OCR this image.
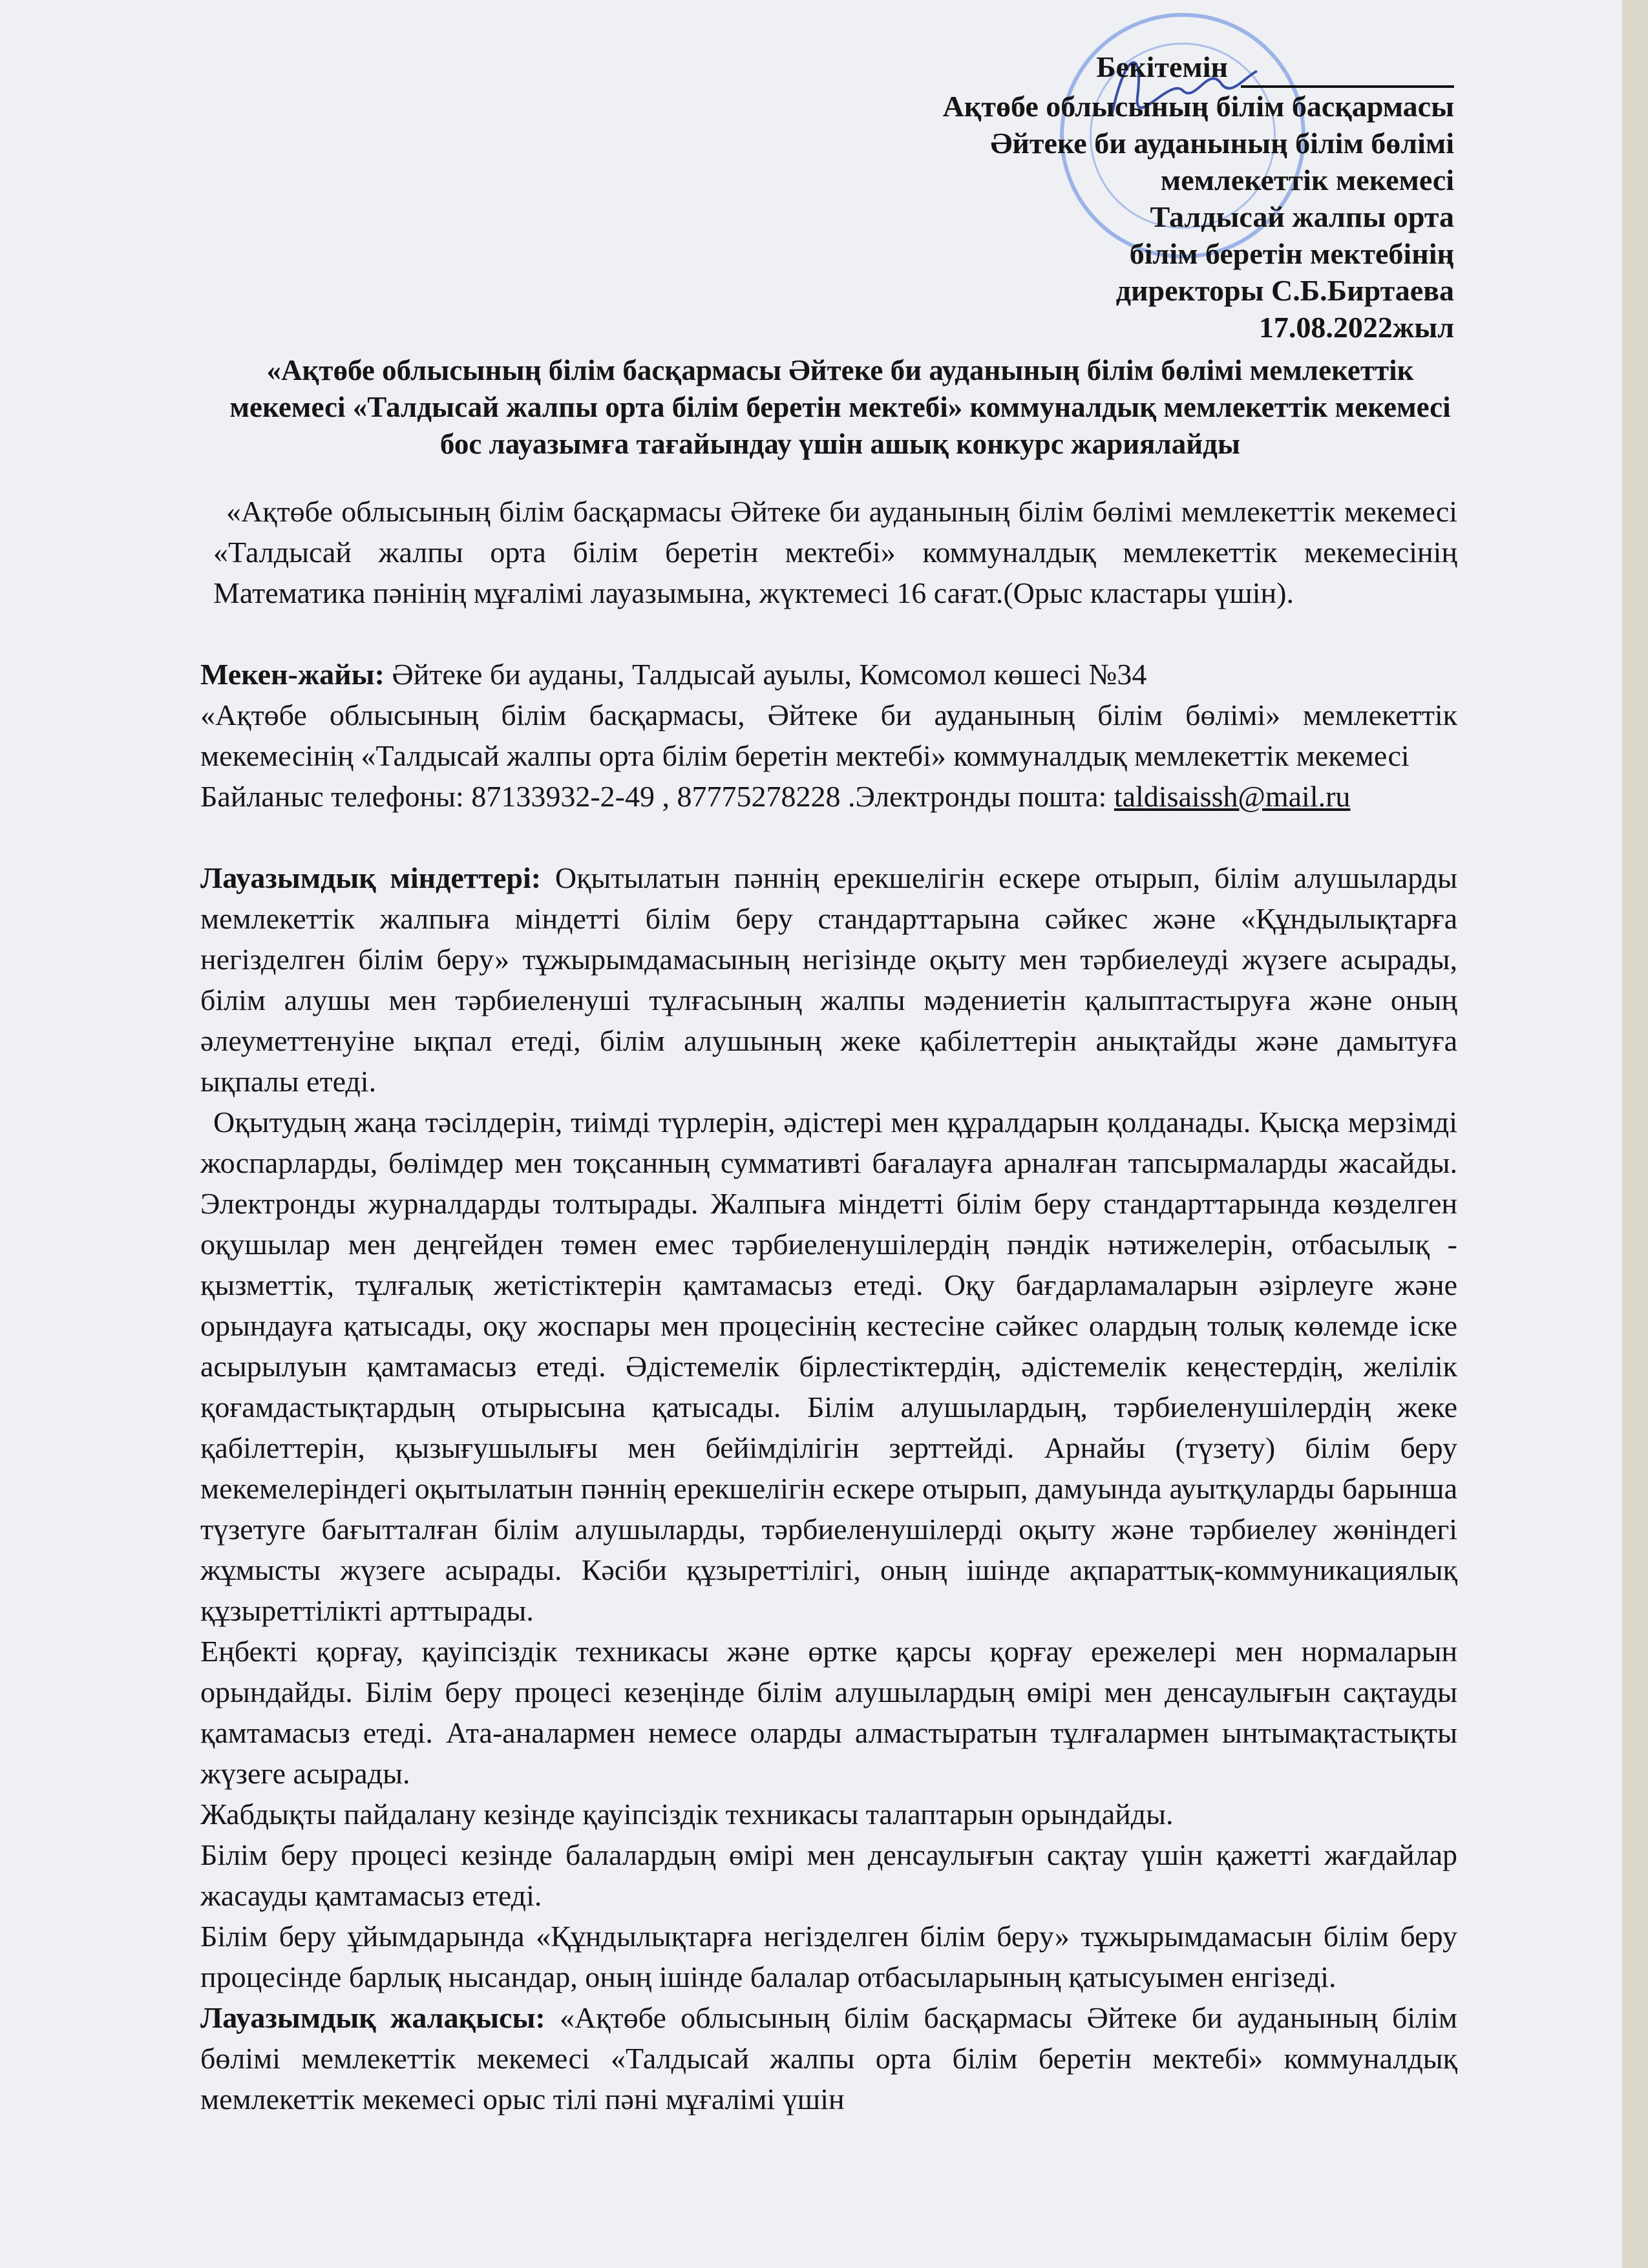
Бекітемін
Ақтөбе облысының білім басқармасы
Әйтеке би ауданының білім бөлімі
мемлекеттік мекемесі
Талдысай жалпы орта
білім беретін мектебінің
директоры С.Б.Биртаева
17.08.2022жыл
«Ақтөбе облысының білім басқармасы Әйтеке би ауданының білім бөлімі мемлекеттік мекемесі «Талдысай жалпы орта білім беретін мектебі» коммуналдық мемлекеттік мекемесі бос лауазымға тағайындау үшін ашық конкурс жариялайды

«Ақтөбе облысының білім басқармасы Әйтеке би ауданының білім бөлімі мемлекеттік мекемесі «Талдысай жалпы орта білім беретін мектебі» коммуналдық мемлекеттік мекемесінің Математика пәнінің мұғалімі лауазымына, жүктемесі 16 сағат.(Орыс кластары үшін).

Мекен-жайы: Әйтеке би ауданы, Талдысай ауылы, Комсомол көшесі №34

«Ақтөбе облысының білім басқармасы, Әйтеке би ауданының білім бөлімі» мемлекеттік мекемесінің «Талдысай жалпы орта білім беретін мектебі» коммуналдық мемлекеттік мекемесі

Байланыс телефоны: 87133932-2-49 , 87775278228 .Электронды пошта: taldisaissh@mail.ru

Лауазымдық міндеттері: Оқытылатын пәннің ерекшелігін ескере отырып, білім алушыларды мемлекеттік жалпыға міндетті білім беру стандарттарына сәйкес және «Құндылықтарға негізделген білім беру» тұжырымдамасының негізінде оқыту мен тәрбиелеуді жүзеге асырады, білім алушы мен тәрбиеленуші тұлғасының жалпы мәдениетін қалыптастыруға және оның әлеуметтенуіне ықпал етеді, білім алушының жеке қабілеттерін анықтайды және дамытуға ықпалы етеді.

Оқытудың жаңа тәсілдерін, тиімді түрлерін, әдістері мен құралдарын қолданады. Қысқа мерзімді жоспарларды, бөлімдер мен тоқсанның суммативті бағалауға арналған тапсырмаларды жасайды. Электронды журналдарды толтырады. Жалпыға міндетті білім беру стандарттарында көзделген оқушылар мен деңгейден төмен емес тәрбиеленушілердің пәндік нәтижелерін, отбасылық - қызметтік, тұлғалық жетістіктерін қамтамасыз етеді. Оқу бағдарламаларын әзірлеуге және орындауға қатысады, оқу жоспары мен процесінің кестесіне сәйкес олардың толық көлемде іске асырылуын қамтамасыз етеді. Әдістемелік бірлестіктердің, әдістемелік кеңестердің, желілік қоғамдастықтардың отырысына қатысады. Білім алушылардың, тәрбиеленушілердің жеке қабілеттерін, қызығушылығы мен бейімділігін зерттейді. Арнайы (түзету) білім беру мекемелеріндегі оқытылатын пәннің ерекшелігін ескере отырып, дамуында ауытқуларды барынша түзетуге бағытталған білім алушыларды, тәрбиеленушілерді оқыту және тәрбиелеу жөніндегі жұмысты жүзеге асырады. Кәсіби құзыреттілігі, оның ішінде ақпараттық-коммуникациялық құзыреттілікті арттырады.

Еңбекті қорғау, қауіпсіздік техникасы және өртке қарсы қорғау ережелері мен нормаларын орындайды. Білім беру процесі кезеңінде білім алушылардың өмірі мен денсаулығын сақтауды қамтамасыз етеді. Ата-аналармен немесе оларды алмастыратын тұлғалармен ынтымақтастықты жүзеге асырады.

Жабдықты пайдалану кезінде қауіпсіздік техникасы талаптарын орындайды.

Білім беру процесі кезінде балалардың өмірі мен денсаулығын сақтау үшін қажетті жағдайлар жасауды қамтамасыз етеді.

Білім беру ұйымдарында «Құндылықтарға негізделген білім беру» тұжырымдамасын білім беру процесінде барлық нысандар, оның ішінде балалар отбасыларының қатысуымен енгізеді.

Лауазымдық жалақысы: «Ақтөбе облысының білім басқармасы Әйтеке би ауданының білім бөлімі мемлекеттік мекемесі «Талдысай жалпы орта білім беретін мектебі» коммуналдық мемлекеттік мекемесі орыс тілі пәні мұғалімі үшін
